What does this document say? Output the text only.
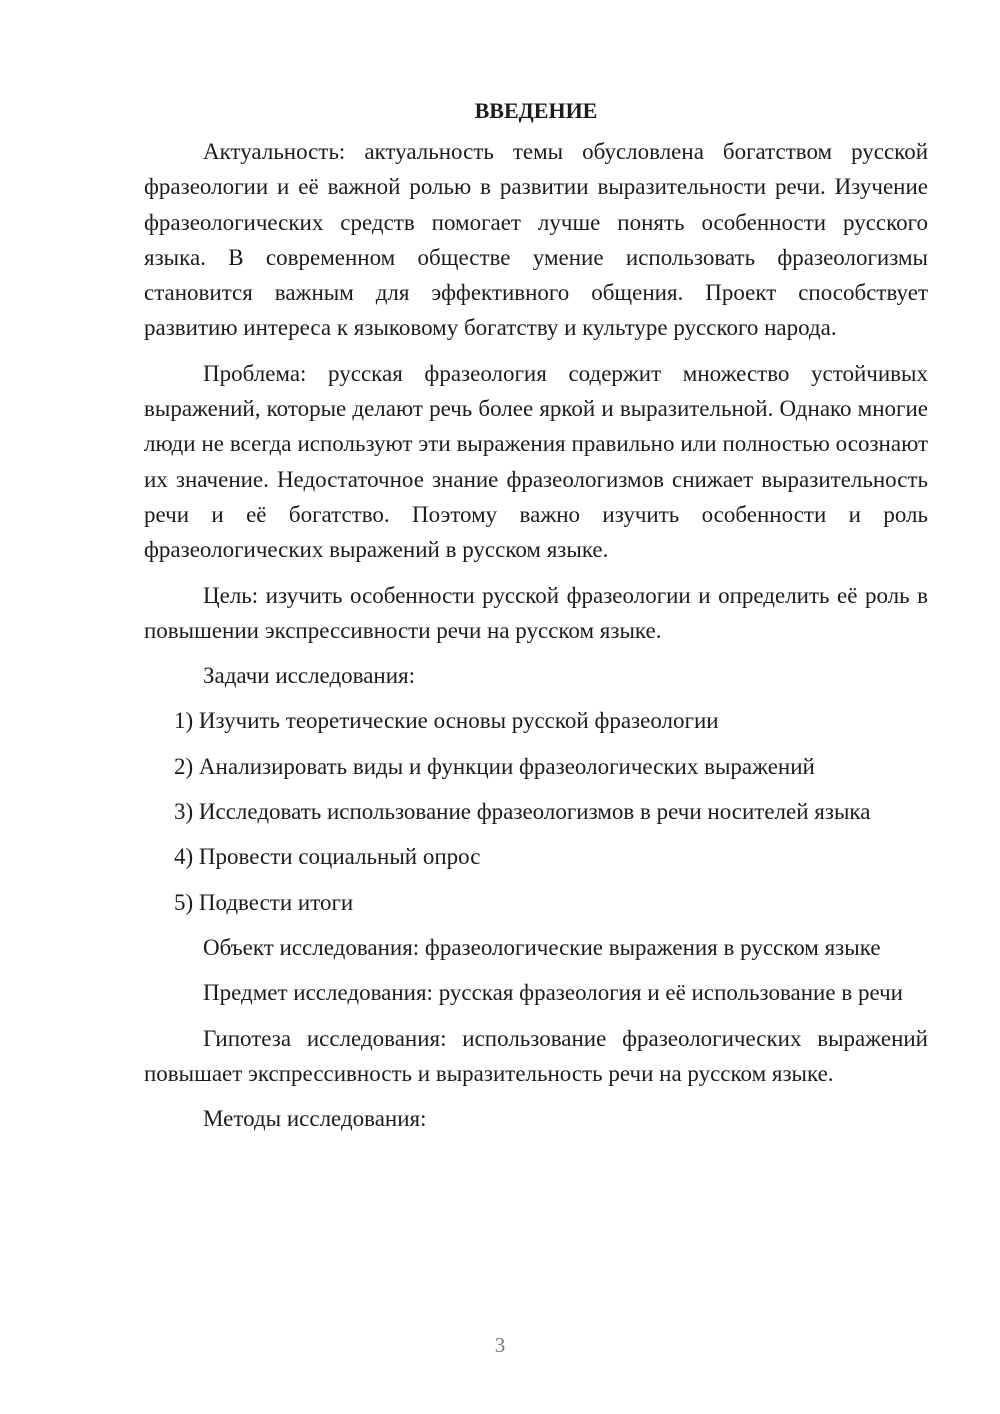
ВВЕДЕНИЕ

Актуальность: актуальность темы обусловлена богатством русской фразеологии и её важной ролью в развитии выразительности речи. Изучение фразеологических средств помогает лучше понять особенности русского языка. В современном обществе умение использовать фразеологизмы становится важным для эффективного общения. Проект способствует развитию интереса к языковому богатству и культуре русского народа.

Проблема: русская фразеология содержит множество устойчивых выражений, которые делают речь более яркой и выразительной. Однако многие люди не всегда используют эти выражения правильно или полностью осознают их значение. Недостаточное знание фразеологизмов снижает выразительность речи и её богатство. Поэтому важно изучить особенности и роль фразеологических выражений в русском языке.

Цель: изучить особенности русской фразеологии и определить её роль в повышении экспрессивности речи на русском языке.

Задачи исследования:

1) Изучить теоретические основы русской фразеологии
2) Анализировать виды и функции фразеологических выражений
3) Исследовать использование фразеологизмов в речи носителей языка
4) Провести социальный опрос
5) Подвести итоги

Объект исследования: фразеологические выражения в русском языке

Предмет исследования: русская фразеология и её использование в речи

Гипотеза исследования: использование фразеологических выражений повышает экспрессивность и выразительность речи на русском языке.

Методы исследования:

3
